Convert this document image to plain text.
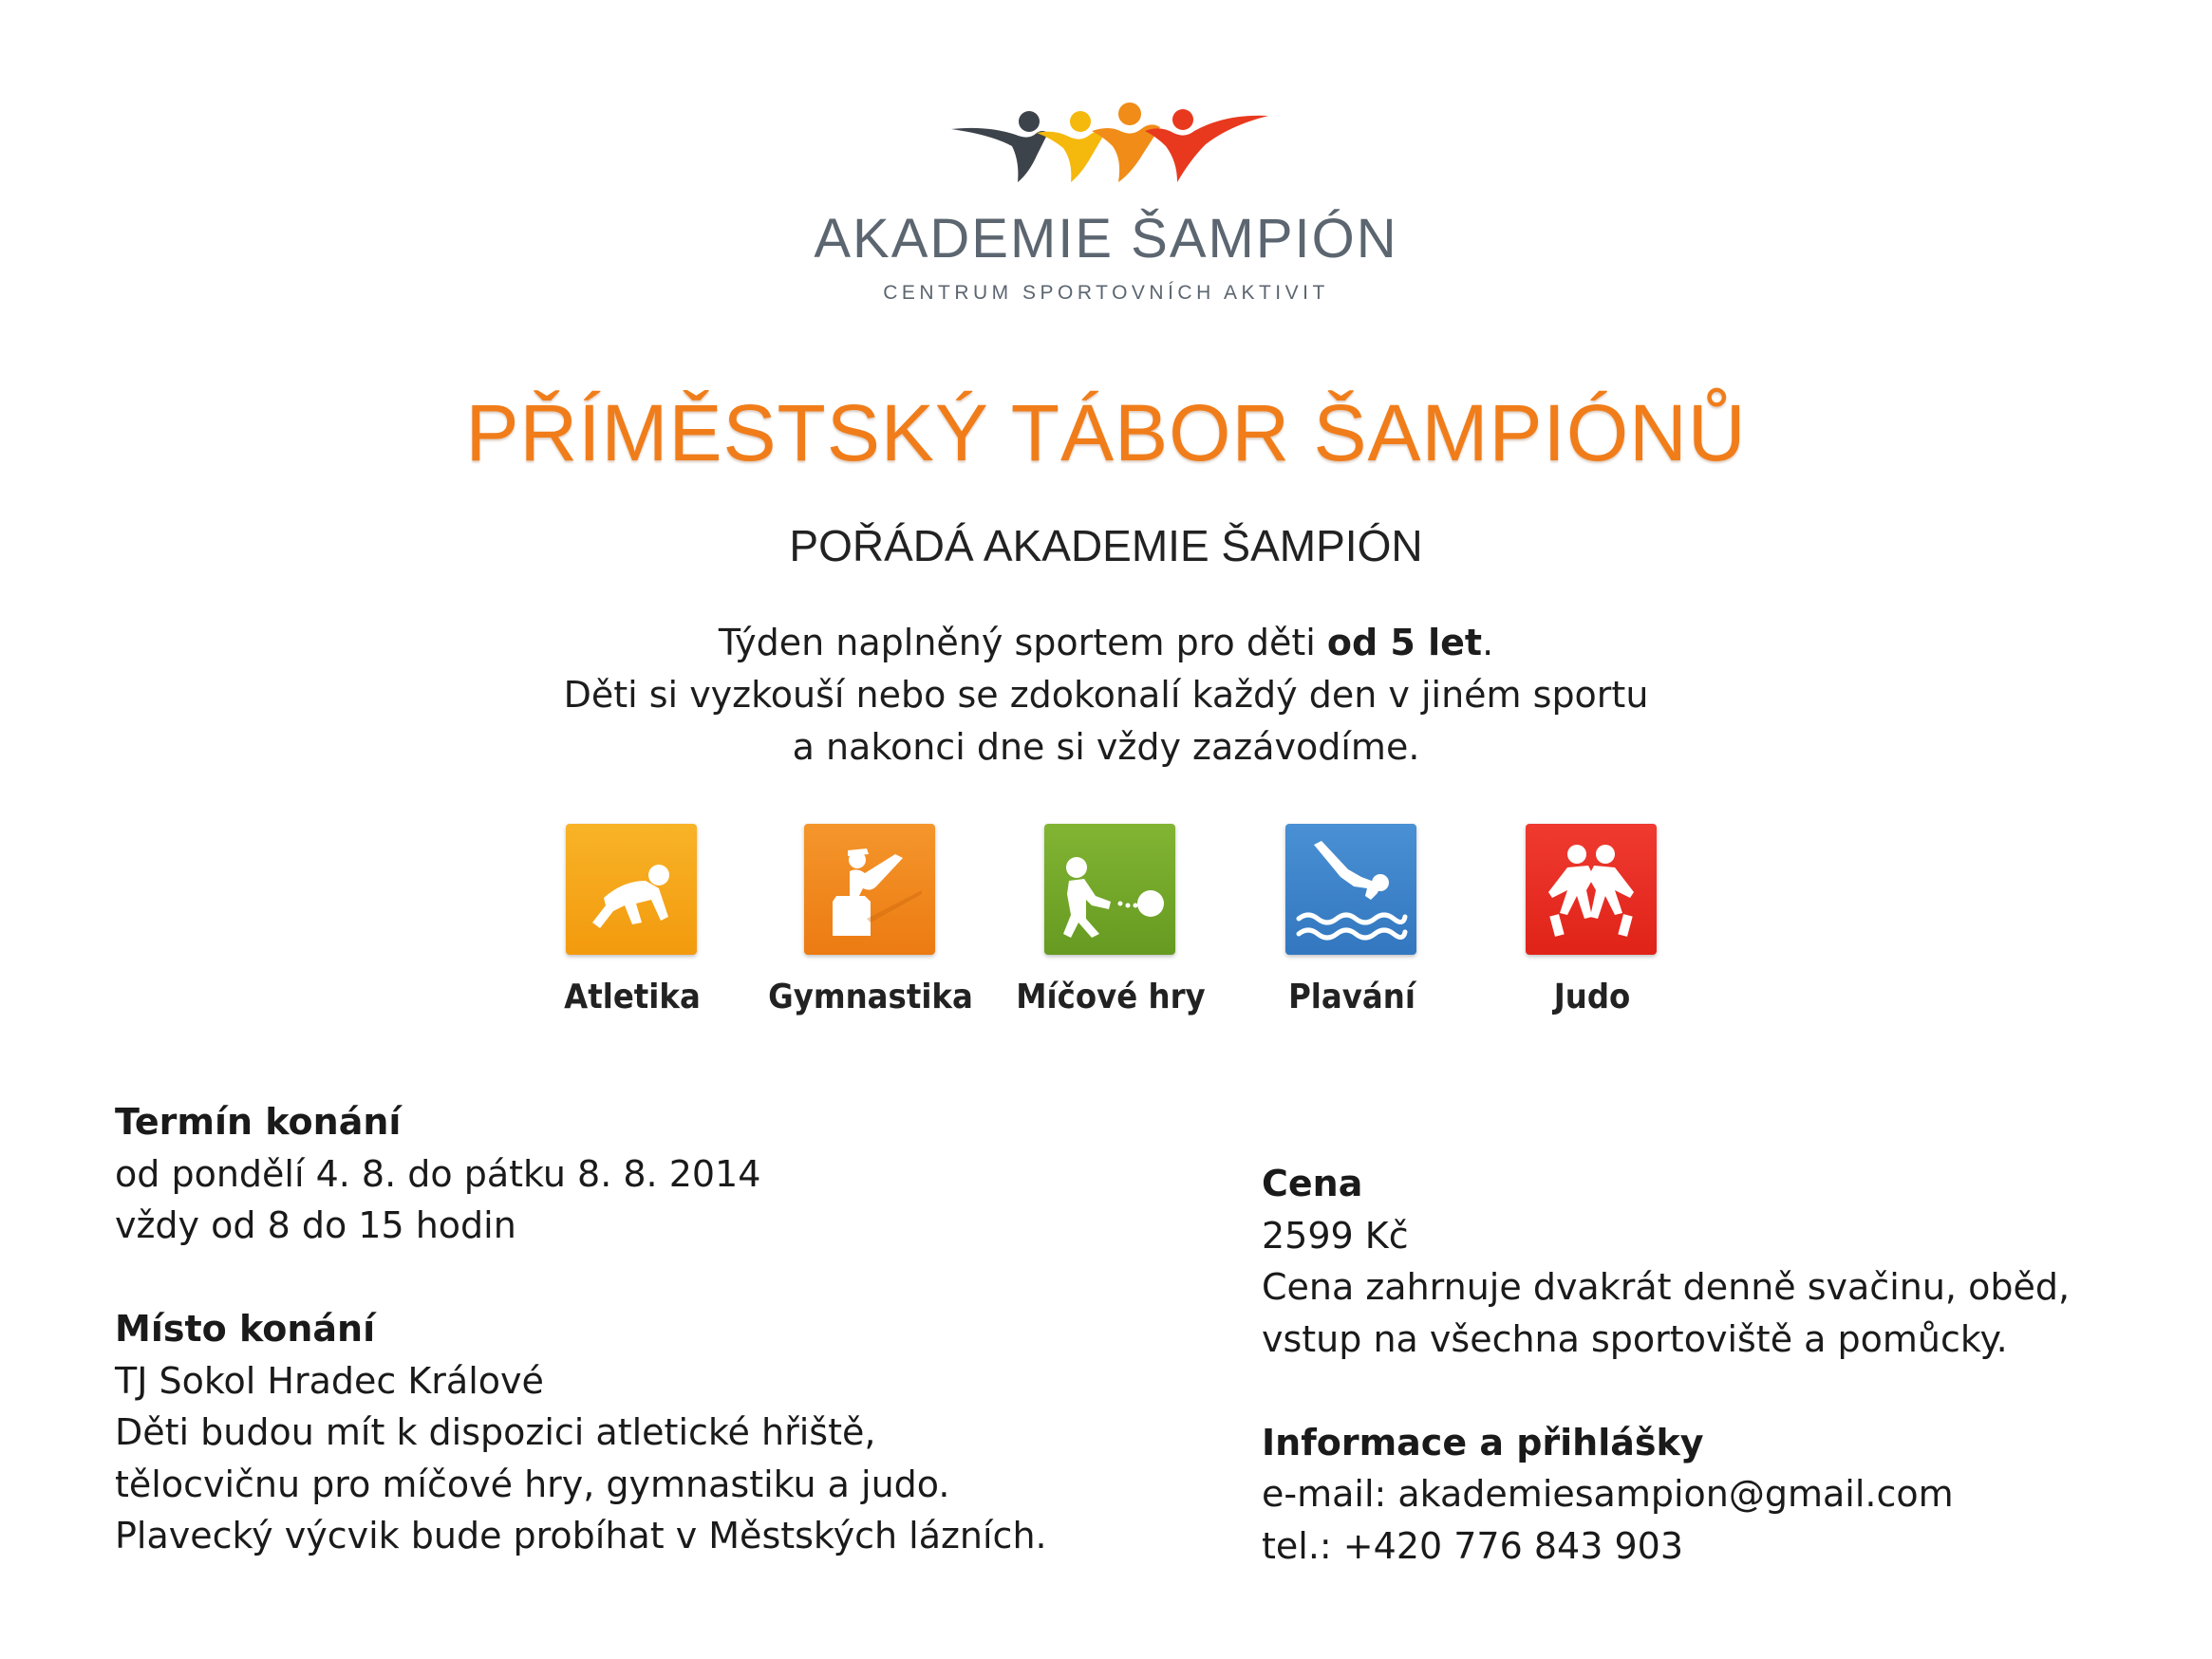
AKADEMIE ŠAMPIÓN
CENTRUM SPORTOVNÍCH AKTIVIT
PŘÍMĚSTSKÝ TÁBOR ŠAMPIÓNŮ
POŘÁDÁ AKADEMIE ŠAMPIÓN
Týden naplněný sportem pro děti od 5 let.
Děti si vyzkouší nebo se zdokonalí každý den v jiném sportu
a nakonci dne si vždy zazávodíme.
Atletika	Gymnastika	Míčové hry	Plavání	Judo
Termín konání
od pondělí 4. 8. do pátku 8. 8. 2014
vždy od 8 do 15 hodin
Místo konání
TJ Sokol Hradec Králové
Děti budou mít k dispozici atletické hřiště,
tělocvičnu pro míčové hry, gymnastiku a judo.
Plavecký výcvik bude probíhat v Městských lázních.
Cena
2599 Kč
Cena zahrnuje dvakrát denně svačinu, oběd,
vstup na všechna sportoviště a pomůcky.
Informace a přihlášky
e-mail: akademiesampion@gmail.com
tel.: +420 776 843 903
